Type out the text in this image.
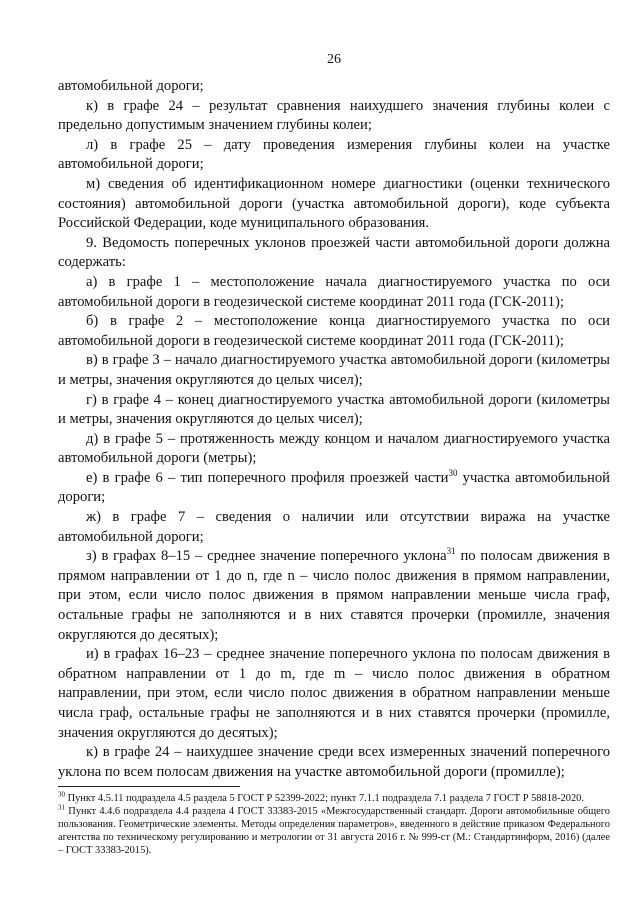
26

автомобильной дороги;

к) в графе 24 – результат сравнения наихудшего значения глубины колеи с предельно допустимым значением глубины колеи;

л) в графе 25 – дату проведения измерения глубины колеи на участке автомобильной дороги;

м) сведения об идентификационном номере диагностики (оценки технического состояния) автомобильной дороги (участка автомобильной дороги), коде субъекта Российской Федерации, коде муниципального образования.

9. Ведомость поперечных уклонов проезжей части автомобильной дороги должна содержать:

а) в графе 1 – местоположение начала диагностируемого участка по оси автомобильной дороги в геодезической системе координат 2011 года (ГСК-2011);

б) в графе 2 – местоположение конца диагностируемого участка по оси автомобильной дороги в геодезической системе координат 2011 года (ГСК-2011);

в) в графе 3 – начало диагностируемого участка автомобильной дороги (километры и метры, значения округляются до целых чисел);

г) в графе 4 – конец диагностируемого участка автомобильной дороги (километры и метры, значения округляются до целых чисел);

д) в графе 5 – протяженность между концом и началом диагностируемого участка автомобильной дороги (метры);

е) в графе 6 – тип поперечного профиля проезжей части$^{30}$ участка автомобильной дороги;

ж) в графе 7 – сведения о наличии или отсутствии виража на участке автомобильной дороги;

з) в графах 8–15 – среднее значение поперечного уклона$^{31}$ по полосам движения в прямом направлении от 1 до n, где n – число полос движения в прямом направлении, при этом, если число полос движения в прямом направлении меньше числа граф, остальные графы не заполняются и в них ставятся прочерки (промилле, значения округляются до десятых);

и) в графах 16–23 – среднее значение поперечного уклона по полосам движения в обратном направлении от 1 до m, где m – число полос движения в обратном направлении, при этом, если число полос движения в обратном направлении меньше числа граф, остальные графы не заполняются и в них ставятся прочерки (промилле, значения округляются до десятых);

к) в графе 24 – наихудшее значение среди всех измеренных значений поперечного уклона по всем полосам движения на участке автомобильной дороги (промилле);

$^{30}$ Пункт 4.5.11 подраздела 4.5 раздела 5 ГОСТ Р 52399-2022; пункт 7.1.1 подраздела 7.1 раздела 7 ГОСТ Р 58818-2020.

$^{31}$ Пункт 4.4.6 подраздела 4.4 раздела 4 ГОСТ 33383-2015 «Межгосударственный стандарт. Дороги автомобильные общего пользования. Геометрические элементы. Методы определения параметров», введенного в действие приказом Федерального агентства по техническому регулированию и метрологии от 31 августа 2016 г. № 999-ст (М.: Стандартинформ, 2016) (далее – ГОСТ 33383-2015).
